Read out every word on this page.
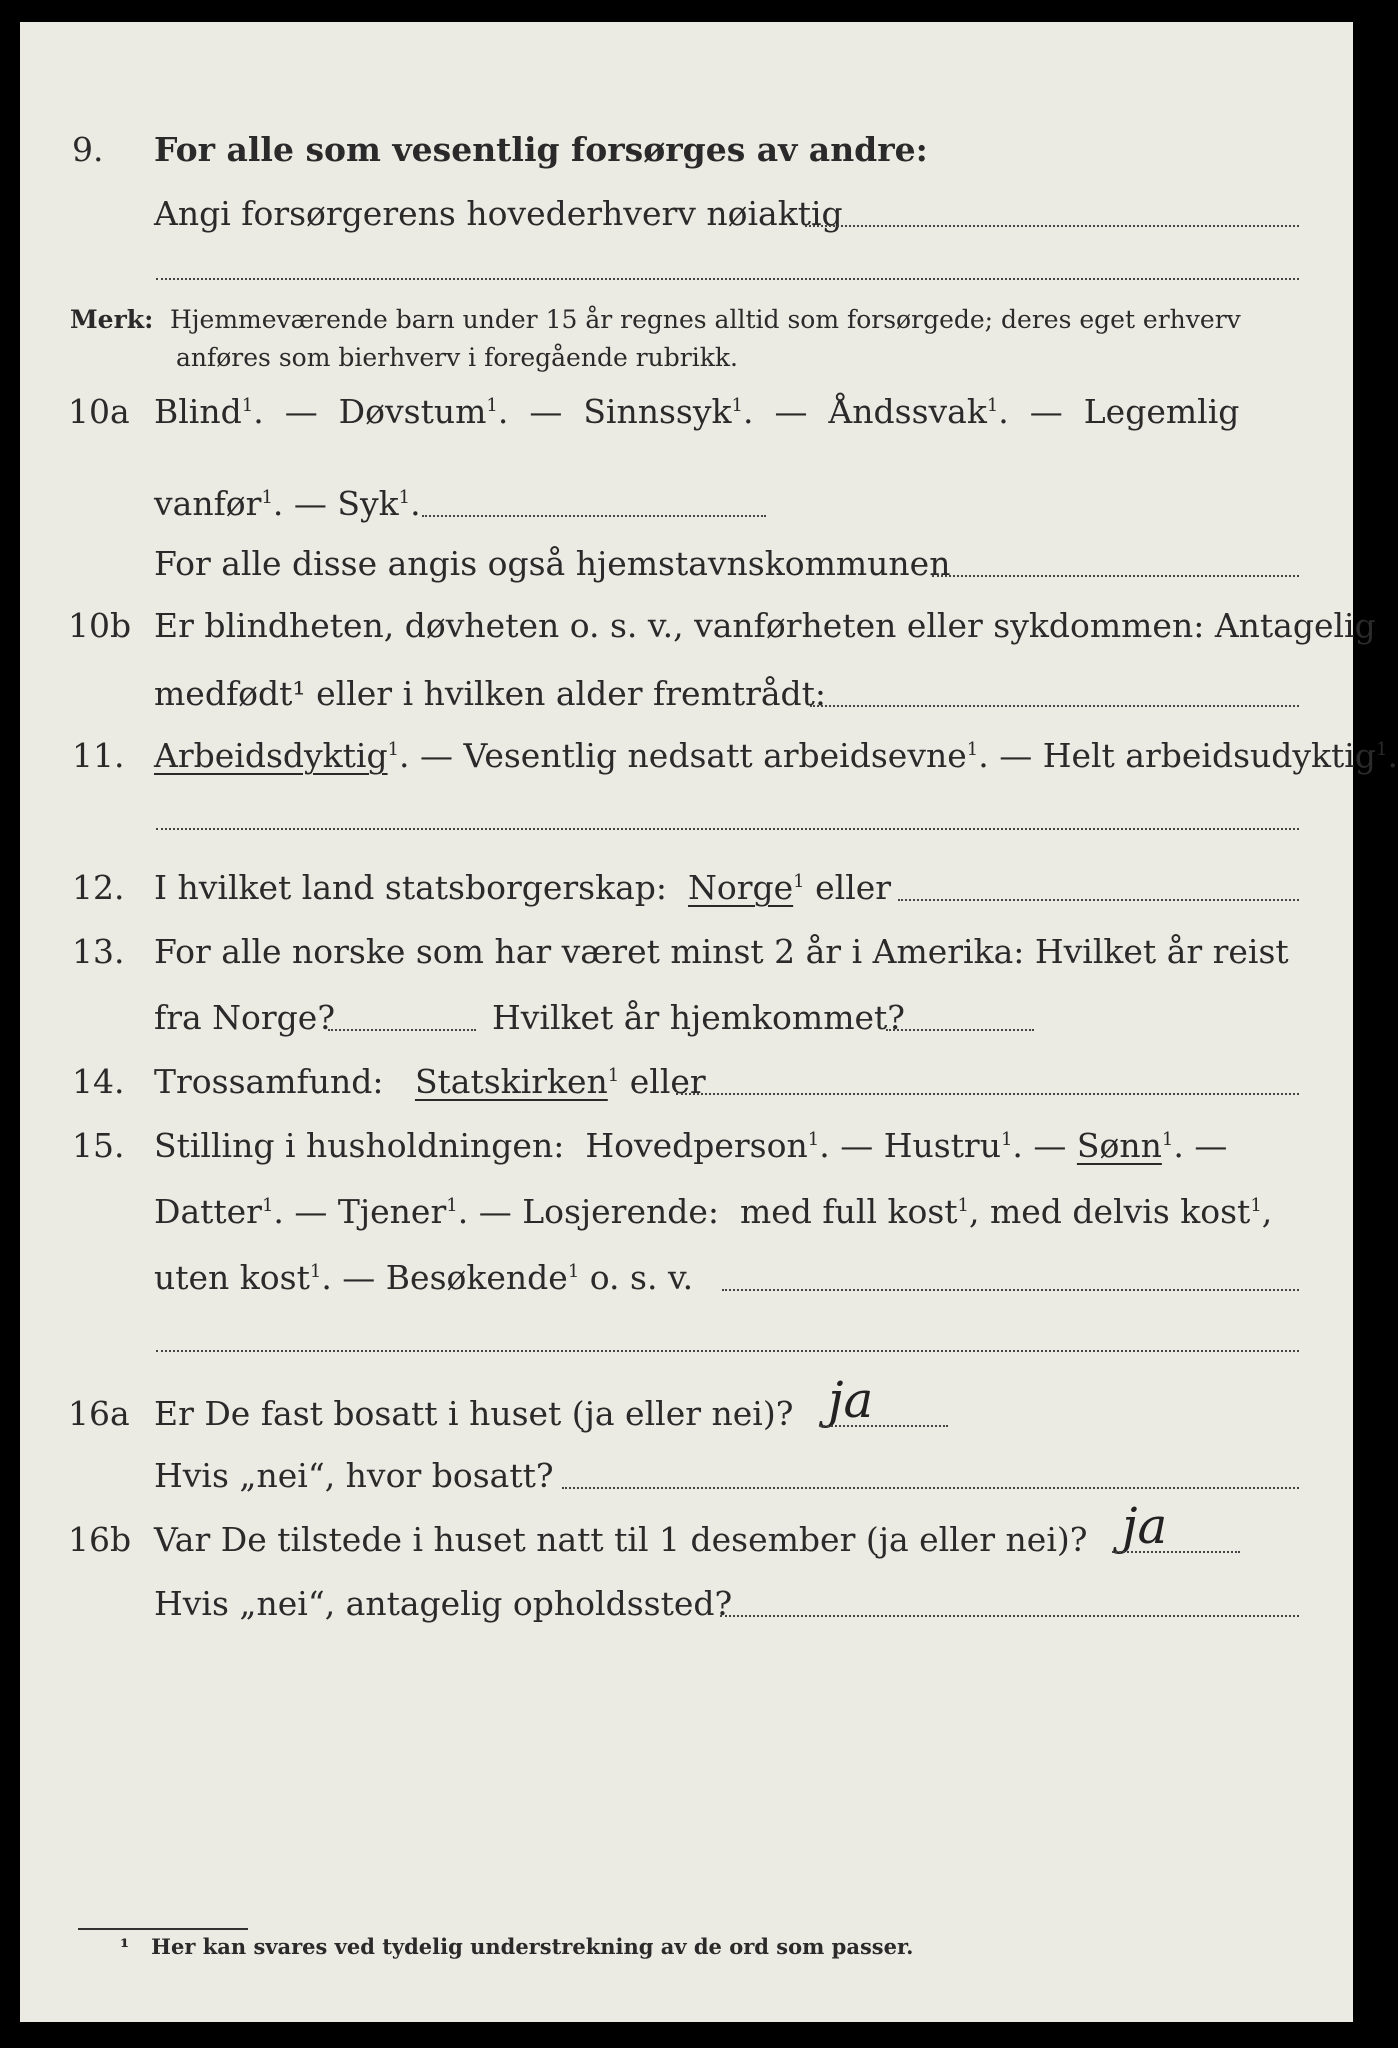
9. For alle som vesentlig forsørges av andre:
Angi forsørgerens hovederhverv nøiaktig
Merk: Hjemmeværende barn under 15 år regnes alltid som forsørgede; deres eget erhverv
anføres som bierhverv i foregående rubrikk.
10a Blind$^1$.  — Døvstum$^1$.  — Sinnssyk$^1$.  — Åndssvak$^1$.  — Legemlig
vanfør$^1$. — Syk$^1$.
For alle disse angis også hjemstavnskommunen
10b Er blindheten, døvheten o. s. v., vanførheten eller sykdommen: Antagelig
medfødt¹ eller i hvilken alder fremtrådt:
11. Arbeidsdyktig$^1$. — Vesentlig nedsatt arbeidsevne$^1$. — Helt arbeidsudyktig$^1$.
12. I hvilket land statsborgerskap: Norge$^1$ eller
13. For alle norske som har været minst 2 år i Amerika: Hvilket år reist
fra Norge?	Hvilket år hjemkommet?
14. Trossamfund: Statskirken$^1$ eller
15. Stilling i husholdningen: Hovedperson$^1$. — Hustru$^1$. — Sønn$^1$. —
Datter$^1$. — Tjener$^1$. — Losjerende: med full kost$^1$, med delvis kost$^1$,
uten kost$^1$. — Besøkende$^1$ o. s. v.
16a Er De fast bosatt i huset (ja eller nei)? ja
Hvis „nei“, hvor bosatt?
16b Var De tilstede i huset natt til 1 desember (ja eller nei)? ja
Hvis „nei“, antagelig opholdssted?
¹ Her kan svares ved tydelig understrekning av de ord som passer.
